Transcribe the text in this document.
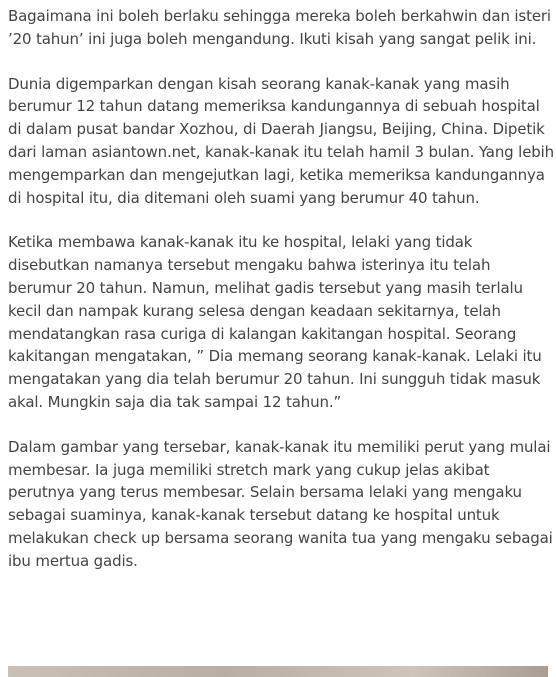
Bagaimana ini boleh berlaku sehingga mereka boleh berkahwin dan isteri ’20 tahun’ ini juga boleh mengandung. Ikuti kisah yang sangat pelik ini.

Dunia digemparkan dengan kisah seorang kanak-kanak yang masih berumur 12 tahun datang memeriksa kandungannya di sebuah hospital di dalam pusat bandar Xozhou, di Daerah Jiangsu, Beijing, China. Dipetik dari laman asiantown.net, kanak-kanak itu telah hamil 3 bulan. Yang lebih mengemparkan dan mengejutkan lagi, ketika memeriksa kandungannya di hospital itu, dia ditemani oleh suami yang berumur 40 tahun.

Ketika membawa kanak-kanak itu ke hospital, lelaki yang tidak disebutkan namanya tersebut mengaku bahwa isterinya itu telah berumur 20 tahun. Namun, melihat gadis tersebut yang masih terlalu kecil dan nampak kurang selesa dengan keadaan sekitarnya, telah mendatangkan rasa curiga di kalangan kakitangan hospital. Seorang kakitangan mengatakan, ” Dia memang seorang kanak-kanak. Lelaki itu mengatakan yang dia telah berumur 20 tahun. Ini sungguh tidak masuk akal. Mungkin saja dia tak sampai 12 tahun.”

Dalam gambar yang tersebar, kanak-kanak itu memiliki perut yang mulai membesar. Ia juga memiliki stretch mark yang cukup jelas akibat perutnya yang terus membesar. Selain bersama lelaki yang mengaku sebagai suaminya, kanak-kanak tersebut datang ke hospital untuk melakukan check up bersama seorang wanita tua yang mengaku sebagai ibu mertua gadis.
